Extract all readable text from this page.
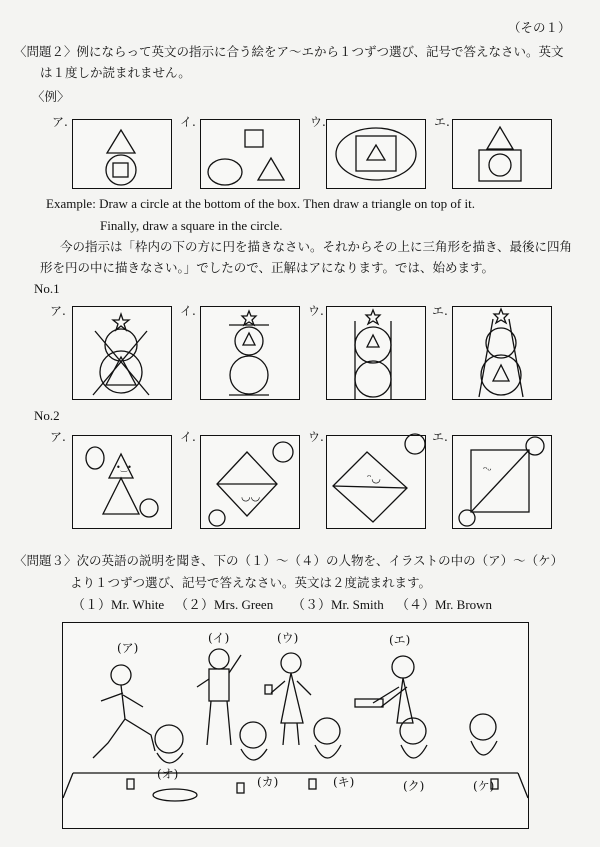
（その１）
〈問題２〉例にならって英文の指示に合う絵をア～エから１つずつ選び、記号で答えなさい。英文
は１度しか読まれません。
〈例〉
ア.	イ.	ウ.	エ.
Example: Draw a circle at the bottom of the box. Then draw a triangle on top of it.
Finally, draw a square in the circle.
今の指示は「枠内の下の方に円を描きなさい。それからその上に三角形を描き、最後に四角
形を円の中に描きなさい。」でしたので、正解はアになります。では、始めます。
No.1
ア.	イ.	ウ.	エ.
No.2
ア.	イ.	ウ.	エ.
•‿•
◡◡
ᵔ◡
ᵔᵕ
〈問題３〉次の英語の説明を聞き、下の（１）～（４）の人物を、イラストの中の（ア）～（ケ）
より１つずつ選び、記号で答えなさい。英文は２度読まれます。
（１）Mr. White （２）Mrs. Green （３）Mr. Smith （４）Mr. Brown
(ア)
(イ)	(ウ)	(エ)
(オ)
(カ)	(キ)	(ク)	(ケ)
